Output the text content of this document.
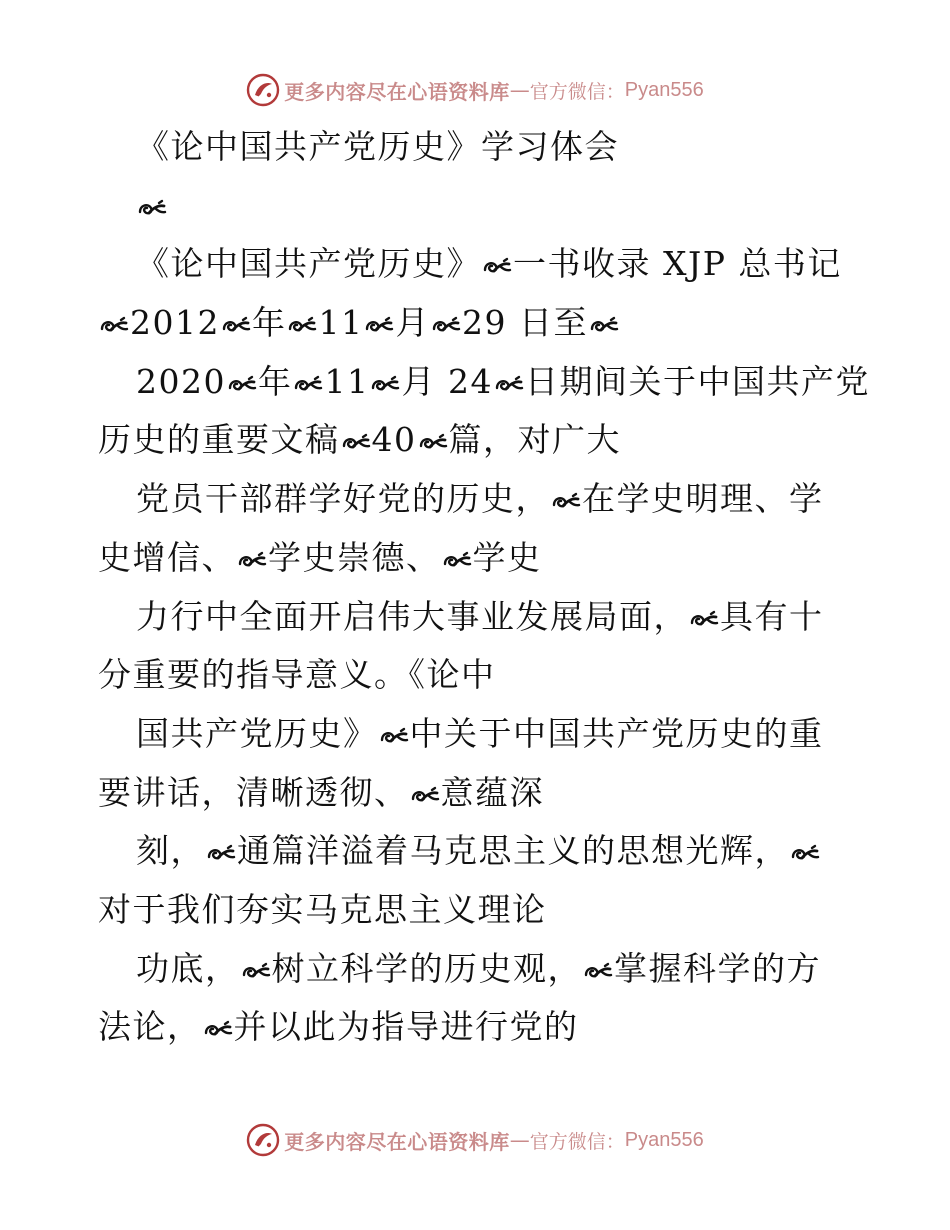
更多内容尽在心语资料库 — 官方微信： Pyan556
《论中国共产党历史》学习体会
《论中国共产党历史》 一书收录 XJP 总书记
2012 年 11 月 29 日至
2020 年 11 月 24 日期间关于中国共产党
历史的重要文稿 40 篇，对广大
党员干部群学好党的历史， 在学史明理、学
史增信、 学史崇德、 学史
力行中全面开启伟大事业发展局面， 具有十
分重要的指导意义。《论中
国共产党历史》 中关于中国共产党历史的重
要讲话，清晰透彻、 意蕴深
刻， 通篇洋溢着马克思主义的思想光辉，
对于我们夯实马克思主义理论
功底， 树立科学的历史观， 掌握科学的方
法论， 并以此为指导进行党的
更多内容尽在心语资料库 — 官方微信： Pyan556
